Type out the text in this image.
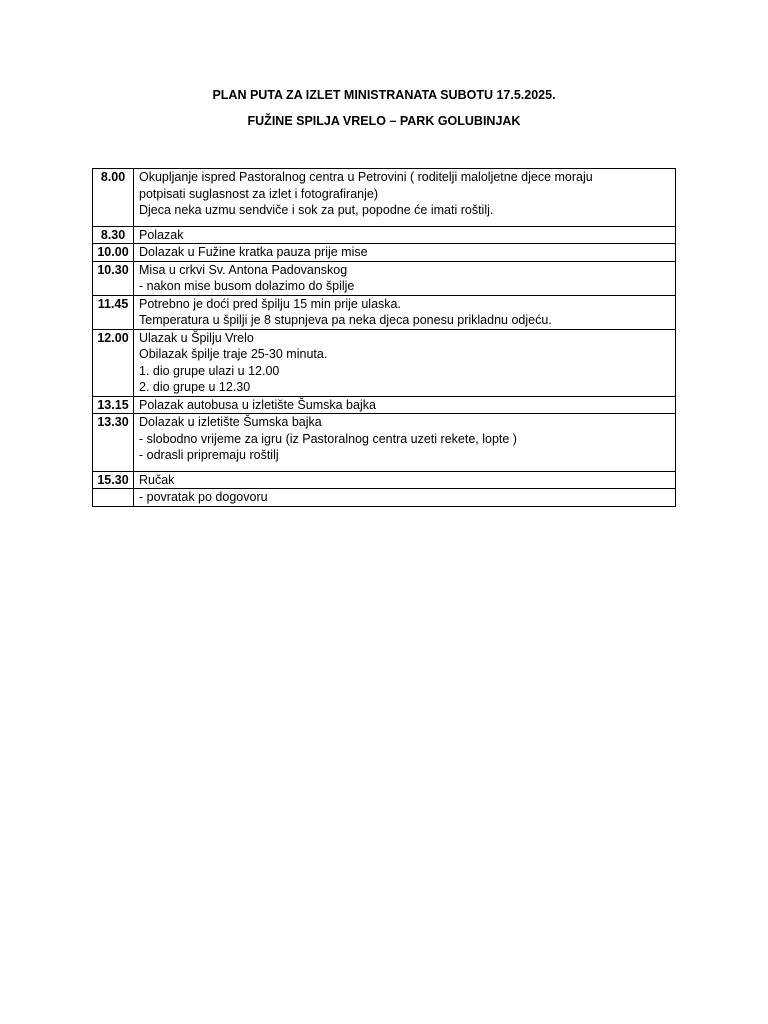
PLAN PUTA ZA IZLET MINISTRANATA SUBOTU 17.5.2025.
FUŽINE SPILJA VRELO – PARK GOLUBINJAK
8.00	Okupljanje ispred Pastoralnog centra u Petrovini ( roditelji maloljetne djece moraju
potpisati suglasnost za izlet i fotografiranje)
Djeca neka uzmu sendviče i sok za put, popodne će imati roštilj.

8.30	Polazak

10.00	Dolazak u Fužine kratka pauza prije mise

10.30	Misa u crkvi Sv. Antona Padovanskog
- nakon mise busom dolazimo do špilje

11.45	Potrebno je doći pred špilju 15 min prije ulaska.
Temperatura u špilji je 8 stupnjeva pa neka djeca ponesu prikladnu odjeću.

12.00	Ulazak u Špilju Vrelo
Obilazak špilje traje 25-30 minuta.
1. dio grupe ulazi u 12.00
2. dio grupe u 12.30

13.15	Polazak autobusa u izletište Šumska bajka

13.30	Dolazak u izletište Šumska bajka
- slobodno vrijeme za igru (iz Pastoralnog centra uzeti rekete, lopte )
- odrasli pripremaju roštilj

15.30	Ručak

	- povratak po dogovoru
